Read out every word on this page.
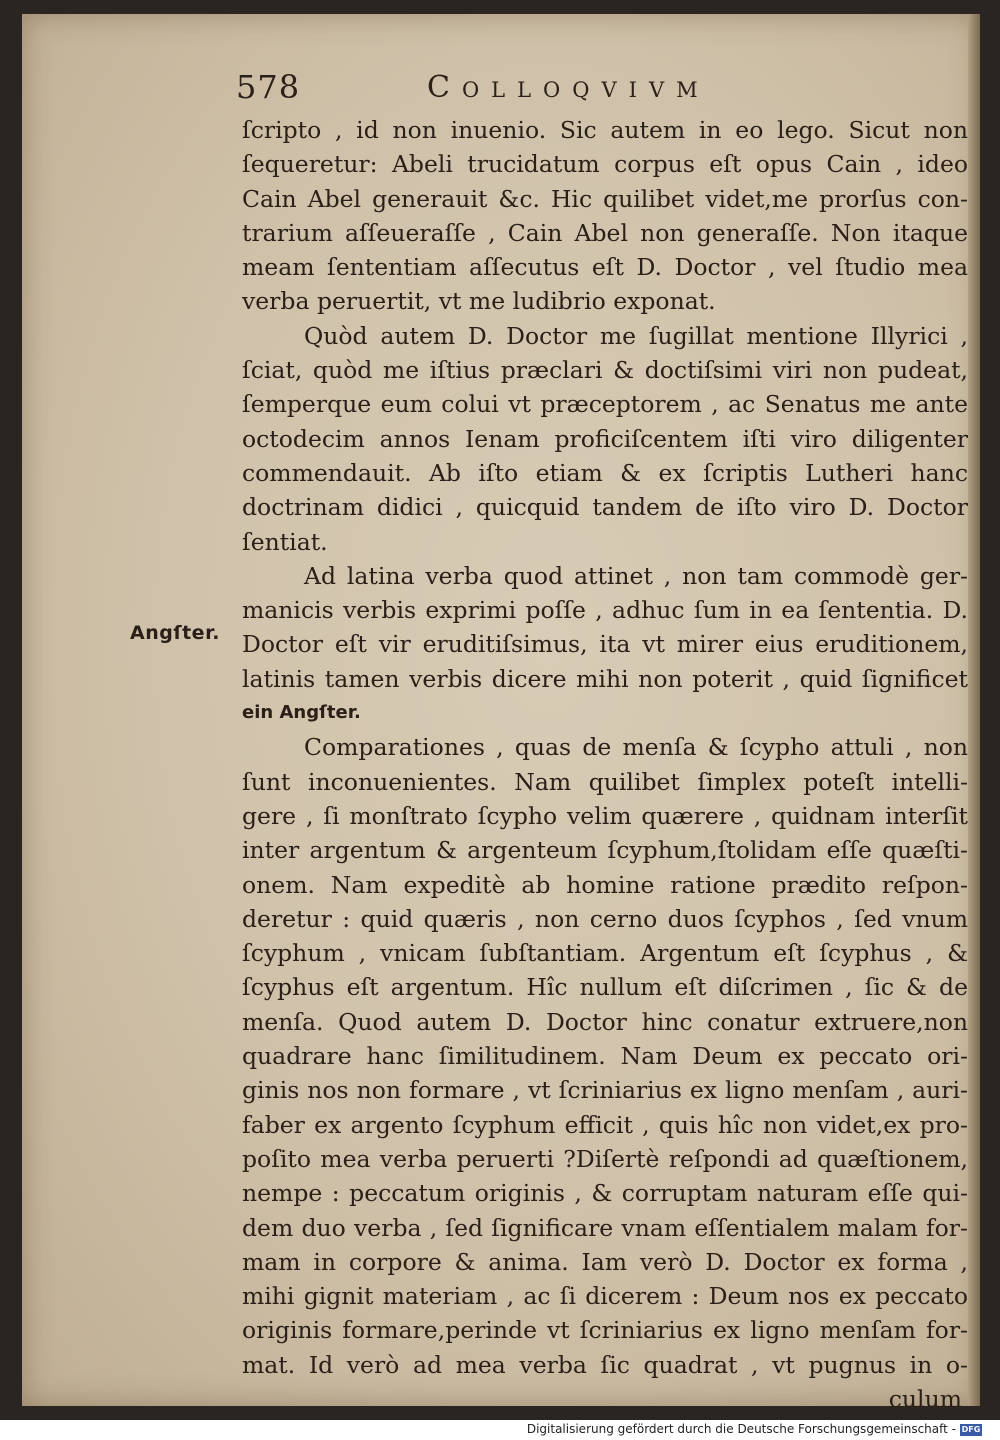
578	Colloqvivm
Angſter.
ſcripto , id non inuenio. Sic autem in eo lego. Sicut non
ſequeretur: Abeli trucidatum corpus eſt opus Cain , ideo
Cain Abel generauit &c. Hic quilibet videt,me prorſus con-
trarium aſſeueraſſe , Cain Abel non generaſſe. Non itaque
meam ſententiam aſſecutus eſt D. Doctor , vel ſtudio mea
verba peruertit, vt me ludibrio exponat.
Quòd autem D. Doctor me ſugillat mentione Illyrici ,
ſciat, quòd me iſtius præclari & doctiſsimi viri non pudeat,
ſemperque eum colui vt præceptorem , ac Senatus me ante
octodecim annos Ienam proficiſcentem iſti viro diligenter
commendauit. Ab iſto etiam & ex ſcriptis Lutheri hanc
doctrinam didici , quicquid tandem de iſto viro D. Doctor
ſentiat.
Ad latina verba quod attinet , non tam commodè ger-
manicis verbis exprimi poſſe , adhuc ſum in ea ſententia. D.
Doctor eſt vir eruditiſsimus, ita vt mirer eius eruditionem,
latinis tamen verbis dicere mihi non poterit , quid ſignificet
ein Angſter.
Comparationes , quas de menſa & ſcypho attuli , non
ſunt inconuenientes. Nam quilibet ſimplex poteſt intelli-
gere , ſi monſtrato ſcypho velim quærere , quidnam interſit
inter argentum & argenteum ſcyphum,ſtolidam eſſe quæſti-
onem. Nam expeditè ab homine ratione prædito reſpon-
deretur : quid quæris , non cerno duos ſcyphos , ſed vnum
ſcyphum , vnicam ſubſtantiam. Argentum eſt ſcyphus , &
ſcyphus eſt argentum. Hîc nullum eſt diſcrimen , ſic & de
menſa. Quod autem D. Doctor hinc conatur extruere,non
quadrare hanc ſimilitudinem. Nam Deum ex peccato ori-
ginis nos non formare , vt ſcriniarius ex ligno menſam , auri-
faber ex argento ſcyphum efficit , quis hîc non videt,ex pro-
poſito mea verba peruerti ?Diſertè reſpondi ad quæſtionem,
nempe : peccatum originis , & corruptam naturam eſſe qui-
dem duo verba , ſed ſignificare vnam eſſentialem malam for-
mam in corpore & anima. Iam verò D. Doctor ex forma ,
mihi gignit materiam , ac ſi dicerem : Deum nos ex peccato
originis formare,perinde vt ſcriniarius ex ligno menſam for-
mat. Id verò ad mea verba ſic quadrat , vt pugnus in o-
culum
Digitalisierung gefördert durch die Deutsche Forschungsgemeinschaft - DFG
